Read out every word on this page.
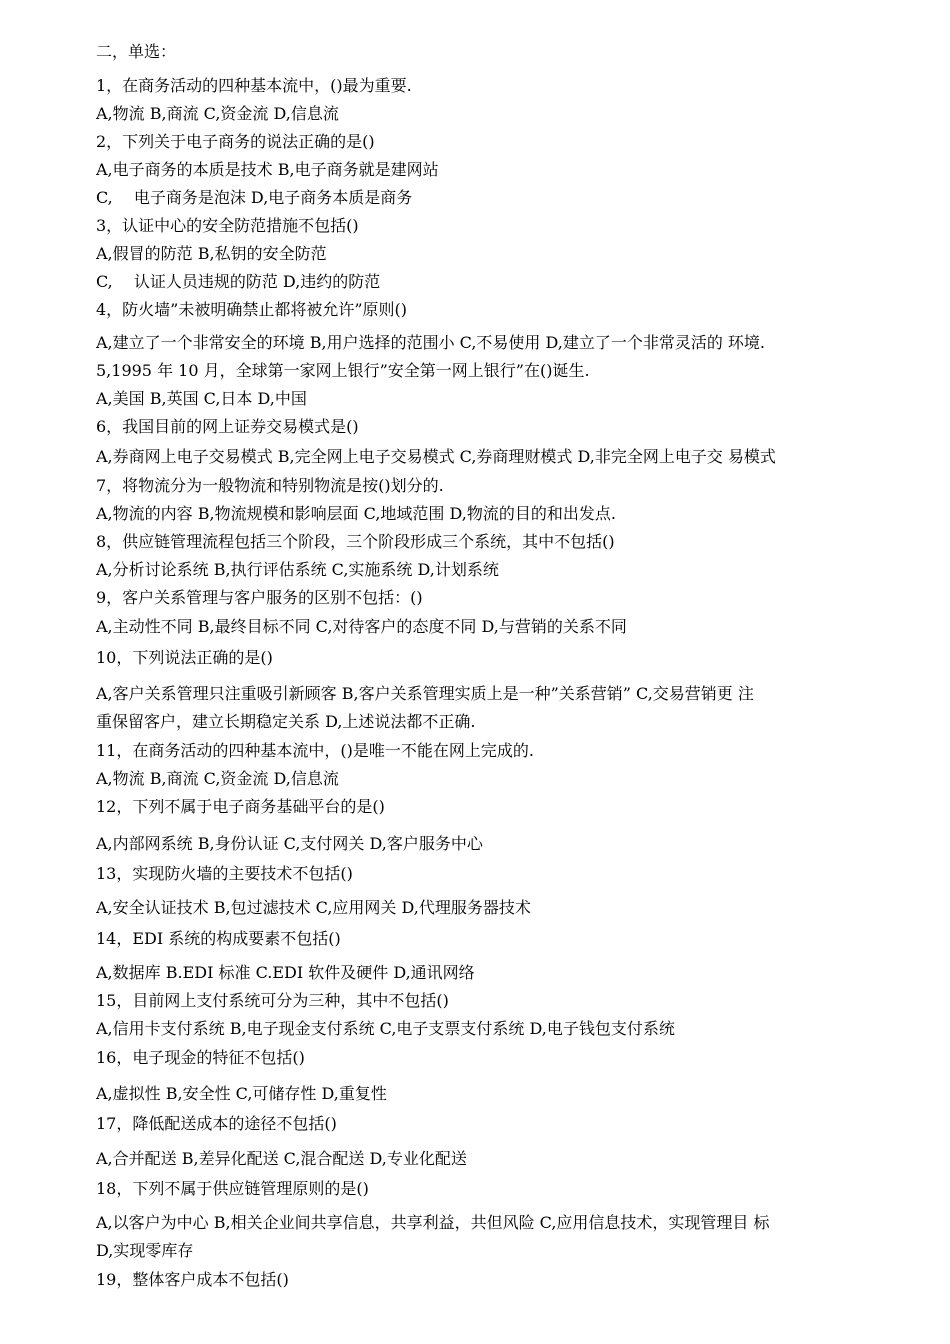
二，单选：
1，在商务活动的四种基本流中，()最为重要.
A,物流 B,商流 C,资金流 D,信息流
2，下列关于电子商务的说法正确的是()
A,电子商务的本质是技术 B,电子商务就是建网站
C,　 电子商务是泡沫 D,电子商务本质是商务
3，认证中心的安全防范措施不包括()
A,假冒的防范 B,私钥的安全防范
C,　 认证人员违规的防范 D,违约的防范
4，防火墙”未被明确禁止都将被允许”原则()
A,建立了一个非常安全的环境 B,用户选择的范围小 C,不易使用 D,建立了一个非常灵活的 环境.
5,1995 年 10 月，全球第一家网上银行”安全第一网上银行”在()诞生.
A,美国 B,英国 C,日本 D,中国
6，我国目前的网上证券交易模式是()
A,券商网上电子交易模式 B,完全网上电子交易模式 C,券商理财模式 D,非完全网上电子交 易模式
7，将物流分为一般物流和特别物流是按()划分的.
A,物流的内容 B,物流规模和影响层面 C,地域范围 D,物流的目的和出发点.
8，供应链管理流程包括三个阶段，三个阶段形成三个系统，其中不包括()
A,分析讨论系统 B,执行评估系统 C,实施系统 D,计划系统
9，客户关系管理与客户服务的区别不包括：()
A,主动性不同 B,最终目标不同 C,对待客户的态度不同 D,与营销的关系不同
10，下列说法正确的是()
A,客户关系管理只注重吸引新顾客 B,客户关系管理实质上是一种”关系营销” C,交易营销更 注
重保留客户，建立长期稳定关系 D,上述说法都不正确.
11，在商务活动的四种基本流中，()是唯一不能在网上完成的.
A,物流 B,商流 C,资金流 D,信息流
12，下列不属于电子商务基础平台的是()
A,内部网系统 B,身份认证 C,支付网关 D,客户服务中心
13，实现防火墙的主要技术不包括()
A,安全认证技术 B,包过滤技术 C,应用网关 D,代理服务器技术
14，EDI 系统的构成要素不包括()
A,数据库 B.EDI 标准 C.EDI 软件及硬件 D,通讯网络
15，目前网上支付系统可分为三种，其中不包括()
A,信用卡支付系统 B,电子现金支付系统 C,电子支票支付系统 D,电子钱包支付系统
16，电子现金的特征不包括()
A,虚拟性 B,安全性 C,可储存性 D,重复性
17，降低配送成本的途径不包括()
A,合并配送 B,差异化配送 C,混合配送 D,专业化配送
18，下列不属于供应链管理原则的是()
A,以客户为中心 B,相关企业间共享信息，共享利益，共但风险 C,应用信息技术，实现管理目 标
D,实现零库存
19，整体客户成本不包括()
